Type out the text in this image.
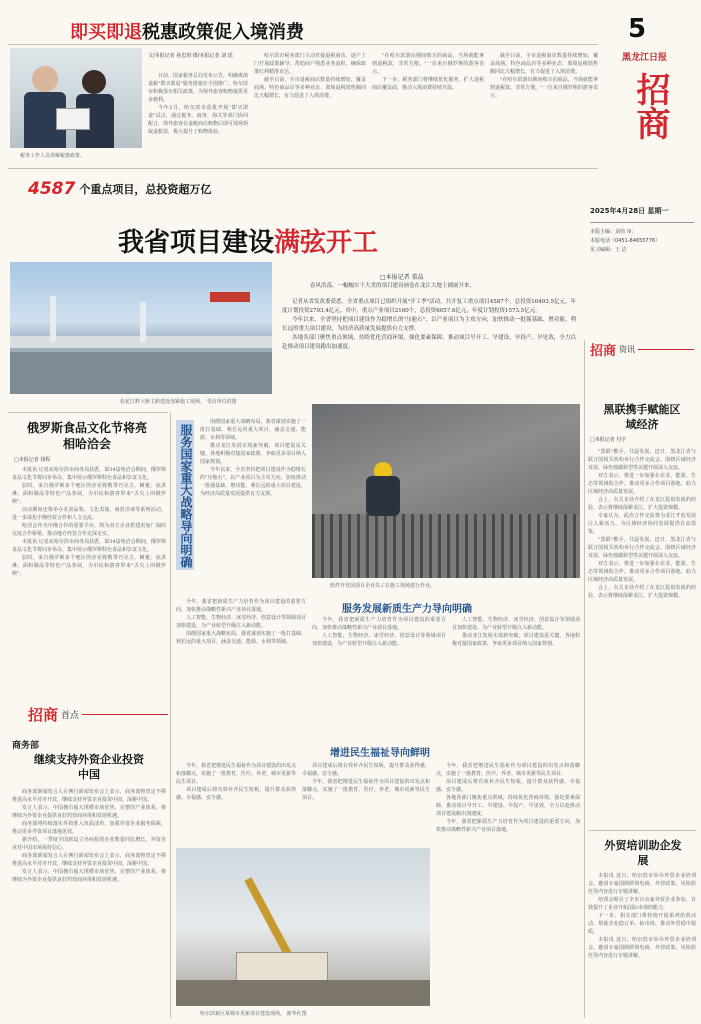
即买即退税惠政策促入境消费	5
黑龙江日报
税务工作人员讲解税惠政策。
文/本报记者 孙思琪 摄/本报记者 刘 瑶

日前，国家税务总局发布公告，明确离境退税"即买即退"服务措施在全国推广，哈尔滨市积极落实相关政策，为境外旅客购物提供更多便利。

今年2月，哈尔滨市获批开展"即买即退"试点，通过税务、商务、海关等部门协同配合，境外旅客在退税商店购物后即可现场领取退税款，极大提升了购物体验。

哈尔滨市税务部门主动对接退税商店，逐户上门开展政策辅导，帮助商户熟悉业务流程，确保政策红利精准直达。

截至目前，全市退税商店数量持续增加，覆盖商场、特色商品店等多种业态，离境退税销售额同比大幅增长，有力促进了入境消费。

"在哈尔滨游玩期间购买的商品，当场就能拿到退税款，非常方便。"一位来自俄罗斯的游客表示。

下一步，税务部门将继续优化服务，扩大退税商店覆盖面，推动入境消费持续升温。

截至目前，全市退税商店数量持续增加，覆盖商场、特色商品店等多种业态，离境退税销售额同比大幅增长，有力促进了入境消费。

"在哈尔滨游玩期间购买的商品，当场就能拿到退税款，非常方便。"一位来自俄罗斯的游客表示。	招商
2025年4月28日 星期一
本版主编：刘伟 审：
本版电话（0451-84655776）
见习编辑：王 洁
4587 个重点项目，总投资超万亿
我省项目建设满弦开工
松花江畔大桥主跨建设加紧施工现场。 受访单位供图
□本报记者 董晶

春风浩荡，一幅幅实干大美的项目建设画卷在龙江大地上铺展开来。

记者从省发改委获悉，全省重点项目已组织开展"开工季"活动，共开复工重点项目4587个，总投资10493.5亿元，年度计划投资2793.4亿元。其中，重点产业项目2160个，总投资6057.6亿元，年度计划投资1573.5亿元。

今年以来，全省坚持把项目建设作为稳增长的"压舱石"，以产业项目为主攻方向，加快推动一批强基础、增功能、利长远的重大项目建设，为经济高质量发展提供有力支撑。

各地各部门聚焦重点领域，持续优化营商环境，强化要素保障，推动项目早开工、早建设、早投产、早见效，全力以赴推动项目建设跑出加速度。

俄罗斯食品文化节将亮相哈洽会
□本报记者 钱程

本报讯 记者从哈尔滨市商务局获悉，第34届哈洽会期间，俄罗斯食品文化节将同步举办，集中展示俄罗斯特色食品和饮食文化。

届时，来自俄罗斯多个地区的企业将携带巧克力、蜂蜜、冰淇淋、面粉制品等特色产品参展，为市民和游客带来"舌尖上的俄罗斯"。

活动期间还将举办美食品鉴、文化表演、商贸洽谈等系列活动，进一步深化中俄经贸合作和人文交流。

哈洽会作为中俄合作的重要平台，将为双方企业搭建更加广阔的交流合作桥梁，推动地方经贸合作走深走实。

本报讯 记者从哈尔滨市商务局获悉，第34届哈洽会期间，俄罗斯食品文化节将同步举办，集中展示俄罗斯特色食品和饮食文化。

届时，来自俄罗斯多个地区的企业将携带巧克力、蜂蜜、冰淇淋、面粉制品等特色产品参展，为市民和游客带来"舌尖上的俄罗斯"。

招商 首点
商务部
继续支持外资企业投资中国

商务部新闻发言人在例行新闻发布会上表示，商务部将坚定不移推进高水平对外开放，继续支持外资企业投资中国、深耕中国。

发言人表示，中国拥有超大规模市场优势、完整的产业体系，将继续为外资企业提供良好的营商环境和发展机遇。

商务部将持续落实外资准入负面清单，加强外资企业服务保障，推动更多外资项目落地见效。

据介绍，一季度全国新设立外商投资企业数量同比增长，外资企业对中国市场保持信心。

商务部新闻发言人在例行新闻发布会上表示，商务部将坚定不移推进高水平对外开放，继续支持外资企业投资中国、深耕中国。

发言人表示，中国拥有超大规模市场优势、完整的产业体系，将继续为外资企业提供良好的营商环境和发展机遇。

服务国家重大战略导向明确

围绕国家重大战略布局，我省谋划实施了一批打基础、利长远的重大项目，涵盖交通、能源、水利等领域。

推动龙江发展实现新突破，项目建设是关键。各地积极对接国家政策，争取更多项目纳入国家规划。

今年以来，全省坚持把项目建设作为稳增长的"压舱石"，以产业项目为主攻方向，加快推动一批强基础、增功能、利长远的重大项目建设，为经济高质量发展提供有力支撑。

软件开发园项目企业员工在施工现场进行作业。

今年，我省把新质生产力培育作为项目建设的重要方向，加快推动战略性新兴产业项目落地。

人工智能、生物经济、冰雪经济、创意设计等领域项目加快建设，为产业转型升级注入新动能。

围绕国家重大战略布局，我省谋划实施了一批打基础、利长远的重大项目，涵盖交通、能源、水利等领域。

服务发展新质生产力导向明确

今年，我省把新质生产力培育作为项目建设的重要方向，加快推动战略性新兴产业项目落地。

人工智能、生物经济、冰雪经济、创意设计等领域项目加快建设，为产业转型升级注入新动能。

人工智能、生物经济、冰雪经济、创意设计等领域项目加快建设，为产业转型升级注入新动能。

推动龙江发展实现新突破，项目建设是关键。各地积极对接国家政策，争取更多项目纳入国家规划。

增进民生福祉导向鲜明

今年，我省把增进民生福祉作为项目建设的出发点和落脚点，实施了一批教育、医疗、养老、城市更新等民生项目。

项目建成后将有效补齐民生短板，提升群众获得感、幸福感、安全感。

项目建成后将有效补齐民生短板，提升群众获得感、幸福感、安全感。

今年，我省把增进民生福祉作为项目建设的出发点和落脚点，实施了一批教育、医疗、养老、城市更新等民生项目。

哈尔滨新区某城市更新项目建设现场。 新华社图

今年，我省把增进民生福祉作为项目建设的出发点和落脚点，实施了一批教育、医疗、养老、城市更新等民生项目。

项目建成后将有效补齐民生短板，提升群众获得感、幸福感、安全感。

各地各部门聚焦重点领域，持续优化营商环境，强化要素保障，推动项目早开工、早建设、早投产、早见效，全力以赴推动项目建设跑出加速度。

今年，我省把新质生产力培育作为项目建设的重要方向，加快推动战略性新兴产业项目落地。

招商 资讯
黑联携手赋能区域经济
□本报记者 付宇

"黑联"携手，共促发展。近日，黑龙江省与联合国相关机构举行合作交流会，围绕区域经济发展、绿色低碳转型等议题开展深入交流。

双方表示，将进一步加强在农业、能源、生态等领域的合作，推动更多合作项目落地，助力区域经济高质量发展。

会上，有关企业介绍了在龙江投资发展的经验，表示将继续深耕龙江，扩大投资规模。

专家认为，此次合作交流将为龙江开放发展注入新活力，为区域经济协同发展提供有益借鉴。

"黑联"携手，共促发展。近日，黑龙江省与联合国相关机构举行合作交流会，围绕区域经济发展、绿色低碳转型等议题开展深入交流。

双方表示，将进一步加强在农业、能源、生态等领域的合作，推动更多合作项目落地，助力区域经济高质量发展。

会上，有关企业介绍了在龙江投资发展的经验，表示将继续深耕龙江，扩大投资规模。

外贸培训助企发展

本报讯 近日，哈尔滨市举办外贸企业培训会，邀请专家围绕跨境电商、外贸政策、风险防范等内容进行专题讲解。

培训会吸引了全市百余家外贸企业参加，有效提升了企业开拓国际市场的能力。

下一步，相关部门将持续开展系列培训活动，帮助企业稳订单、拓市场，推动外贸稳中提质。

本报讯 近日，哈尔滨市举办外贸企业培训会，邀请专家围绕跨境电商、外贸政策、风险防范等内容进行专题讲解。
